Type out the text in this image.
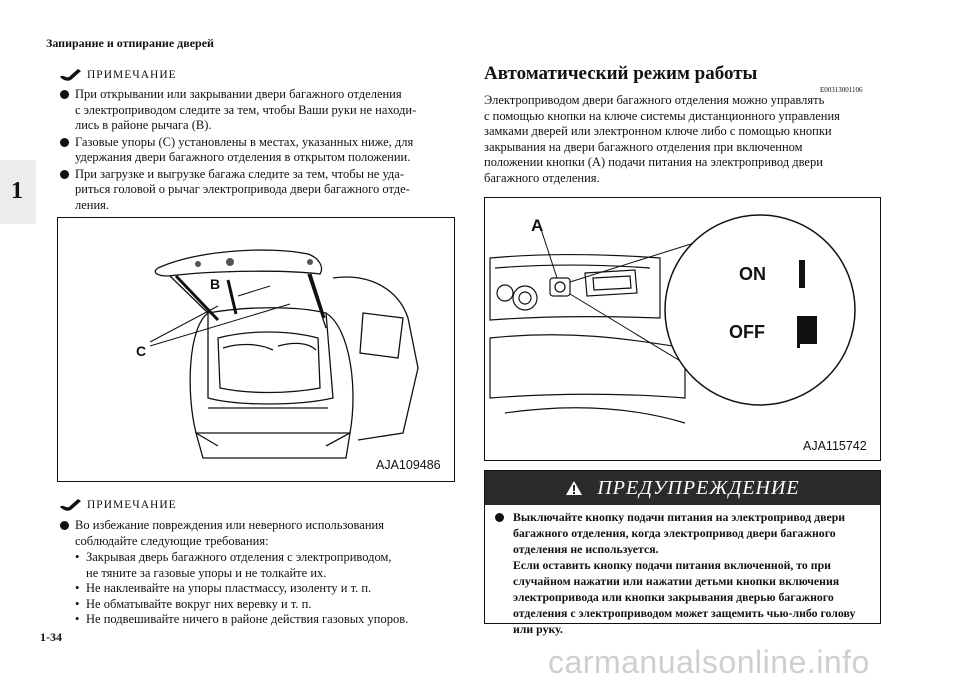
Запирание и отпирание дверей
1
1-34
ПРИМЕЧАНИЕ
При открывании или закрывании двери багажного отделения
с электроприводом следите за тем, чтобы Ваши руки не находи-
лись в районе рычага (B).
Газовые упоры (C) установлены в местах, указанных ниже, для
удержания двери багажного отделения в открытом положении.
При загрузке и выгрузке багажа следите за тем, чтобы не уда-
риться головой о рычаг электропривода двери багажного отде-
ления.
B
C
AJA109486
ПРИМЕЧАНИЕ
Во избежание повреждения или неверного использования
соблюдайте следующие требования:
• Закрывая дверь багажного отделения с электроприводом,
не тяните за газовые упоры и не толкайте их.
• Не наклеивайте на упоры пластмассу, изоленту и т. п.
• Не обматывайте вокруг них веревку и т. п.
• Не подвешивайте ничего в районе действия газовых упоров.
Автоматический режим работы
E00313001106
Электроприводом двери багажного отделения можно управлять
с помощью кнопки на ключе системы дистанционного управления
замками дверей или электронном ключе либо с помощью кнопки
закрывания на двери багажного отделения при включенном
положении кнопки (A) подачи питания на электропривод двери
багажного отделения.
A
ON
OFF
AJA115742
ПРЕДУПРЕЖДЕНИЕ
Выключайте кнопку подачи питания на электропривод двери
багажного отделения, когда электропривод двери багажного
отделения не используется.
Если оставить кнопку подачи питания включенной, то при
случайном нажатии или нажатии детьми кнопки включения
электропривода или кнопки закрывания дверью багажного
отделения с электроприводом может защемить чью-либо голову
или руку.
carmanualsonline.info
